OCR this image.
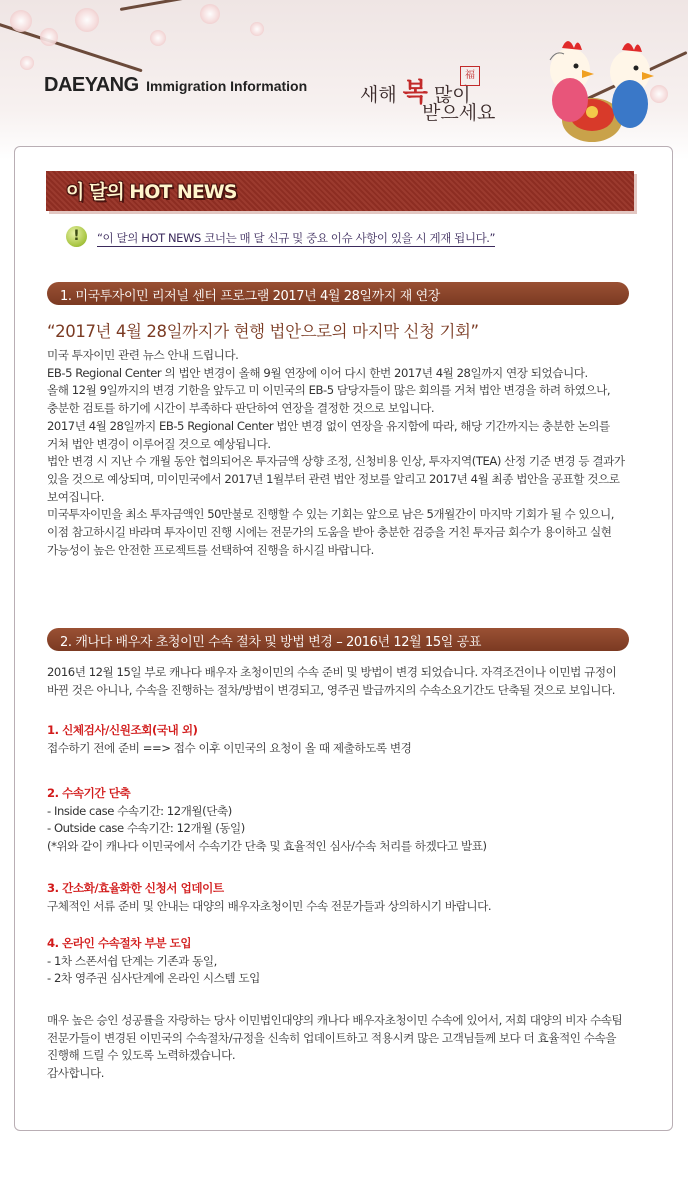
DAEYANG Immigration Information	새해 복 많이
받으세요
福
이 달의 HOT NEWS
!	“이 달의 HOT NEWS 코너는 매 달 신규 및 중요 이슈 사항이 있을 시 게재 됩니다.”
1. 미국투자이민 리저널 센터 프로그램 2017년 4월 28일까지 재 연장
“2017년 4월 28일까지가 현행 법안으로의 마지막 신청 기회”

미국 투자이민 관련 뉴스 안내 드립니다.

EB-5 Regional Center 의 법안 변경이 올해 9월 연장에 이어 다시 한번 2017년 4월 28일까지 연장 되었습니다.

올해 12월 9일까지의 변경 기한을 앞두고 미 이민국의 EB-5 담당자들이 많은 회의를 거쳐 법안 변경을 하려 하였으나,

충분한 검토를 하기에 시간이 부족하다 판단하여 연장을 결정한 것으로 보입니다.

2017년 4월 28일까지 EB-5 Regional Center 법안 변경 없이 연장을 유지함에 따라, 해당 기간까지는 충분한 논의를

거쳐 법안 변경이 이루어질 것으로 예상됩니다.

법안 변경 시 지난 수 개월 동안 협의되어온 투자금액 상향 조정, 신청비용 인상, 투자지역(TEA) 산정 기준 변경 등 결과가

있을 것으로 예상되며, 미이민국에서 2017년 1월부터 관련 법안 정보를 알리고 2017년 4월 최종 법안을 공표할 것으로

보여집니다.

미국투자이민을 최소 투자금액인 50만불로 진행할 수 있는 기회는 앞으로 남은 5개월간이 마지막 기회가 될 수 있으니,

이점 참고하시길 바라며 투자이민 진행 시에는 전문가의 도움을 받아 충분한 검증을 거친 투자금 회수가 용이하고 실현

가능성이 높은 안전한 프로젝트를 선택하여 진행을 하시길 바랍니다.

2. 캐나다 배우자 초청이민 수속 절차 및 방법 변경 – 2016년 12월 15일 공표

2016년 12월 15일 부로 캐나다 배우자 초청이민의 수속 준비 및 방법이 변경 되었습니다. 자격조건이나 이민법 규정이

바뀐 것은 아니나, 수속을 진행하는 절차/방법이 변경되고, 영주권 발급까지의 수속소요기간도 단축될 것으로 보입니다.

1. 신체검사/신원조회(국내 외)

접수하기 전에 준비 ==> 접수 이후 이민국의 요청이 올 때 제출하도록 변경

2. 수속기간 단축

- Inside case 수속기간: 12개월(단축)

- Outside case 수속기간: 12개월 (동일)

(*위와 같이 캐나다 이민국에서 수속기간 단축 및 효율적인 심사/수속 처리를 하겠다고 발표)

3. 간소화/효율화한 신청서 업데이트

구체적인 서류 준비 및 안내는 대양의 배우자초청이민 수속 전문가들과 상의하시기 바랍니다.

4. 온라인 수속절차 부분 도입

- 1차 스폰서쉽 단계는 기존과 동일,

- 2차 영주권 심사단계에 온라인 시스템 도입

매우 높은 승인 성공률을 자랑하는 당사 이민법인대양의 캐나다 배우자초청이민 수속에 있어서, 저희 대양의 비자 수속팀

전문가들이 변경된 이민국의 수속절차/규정을 신속히 업데이트하고 적용시켜 많은 고객님들께 보다 더 효율적인 수속을

진행해 드릴 수 있도록 노력하겠습니다.

감사합니다.
